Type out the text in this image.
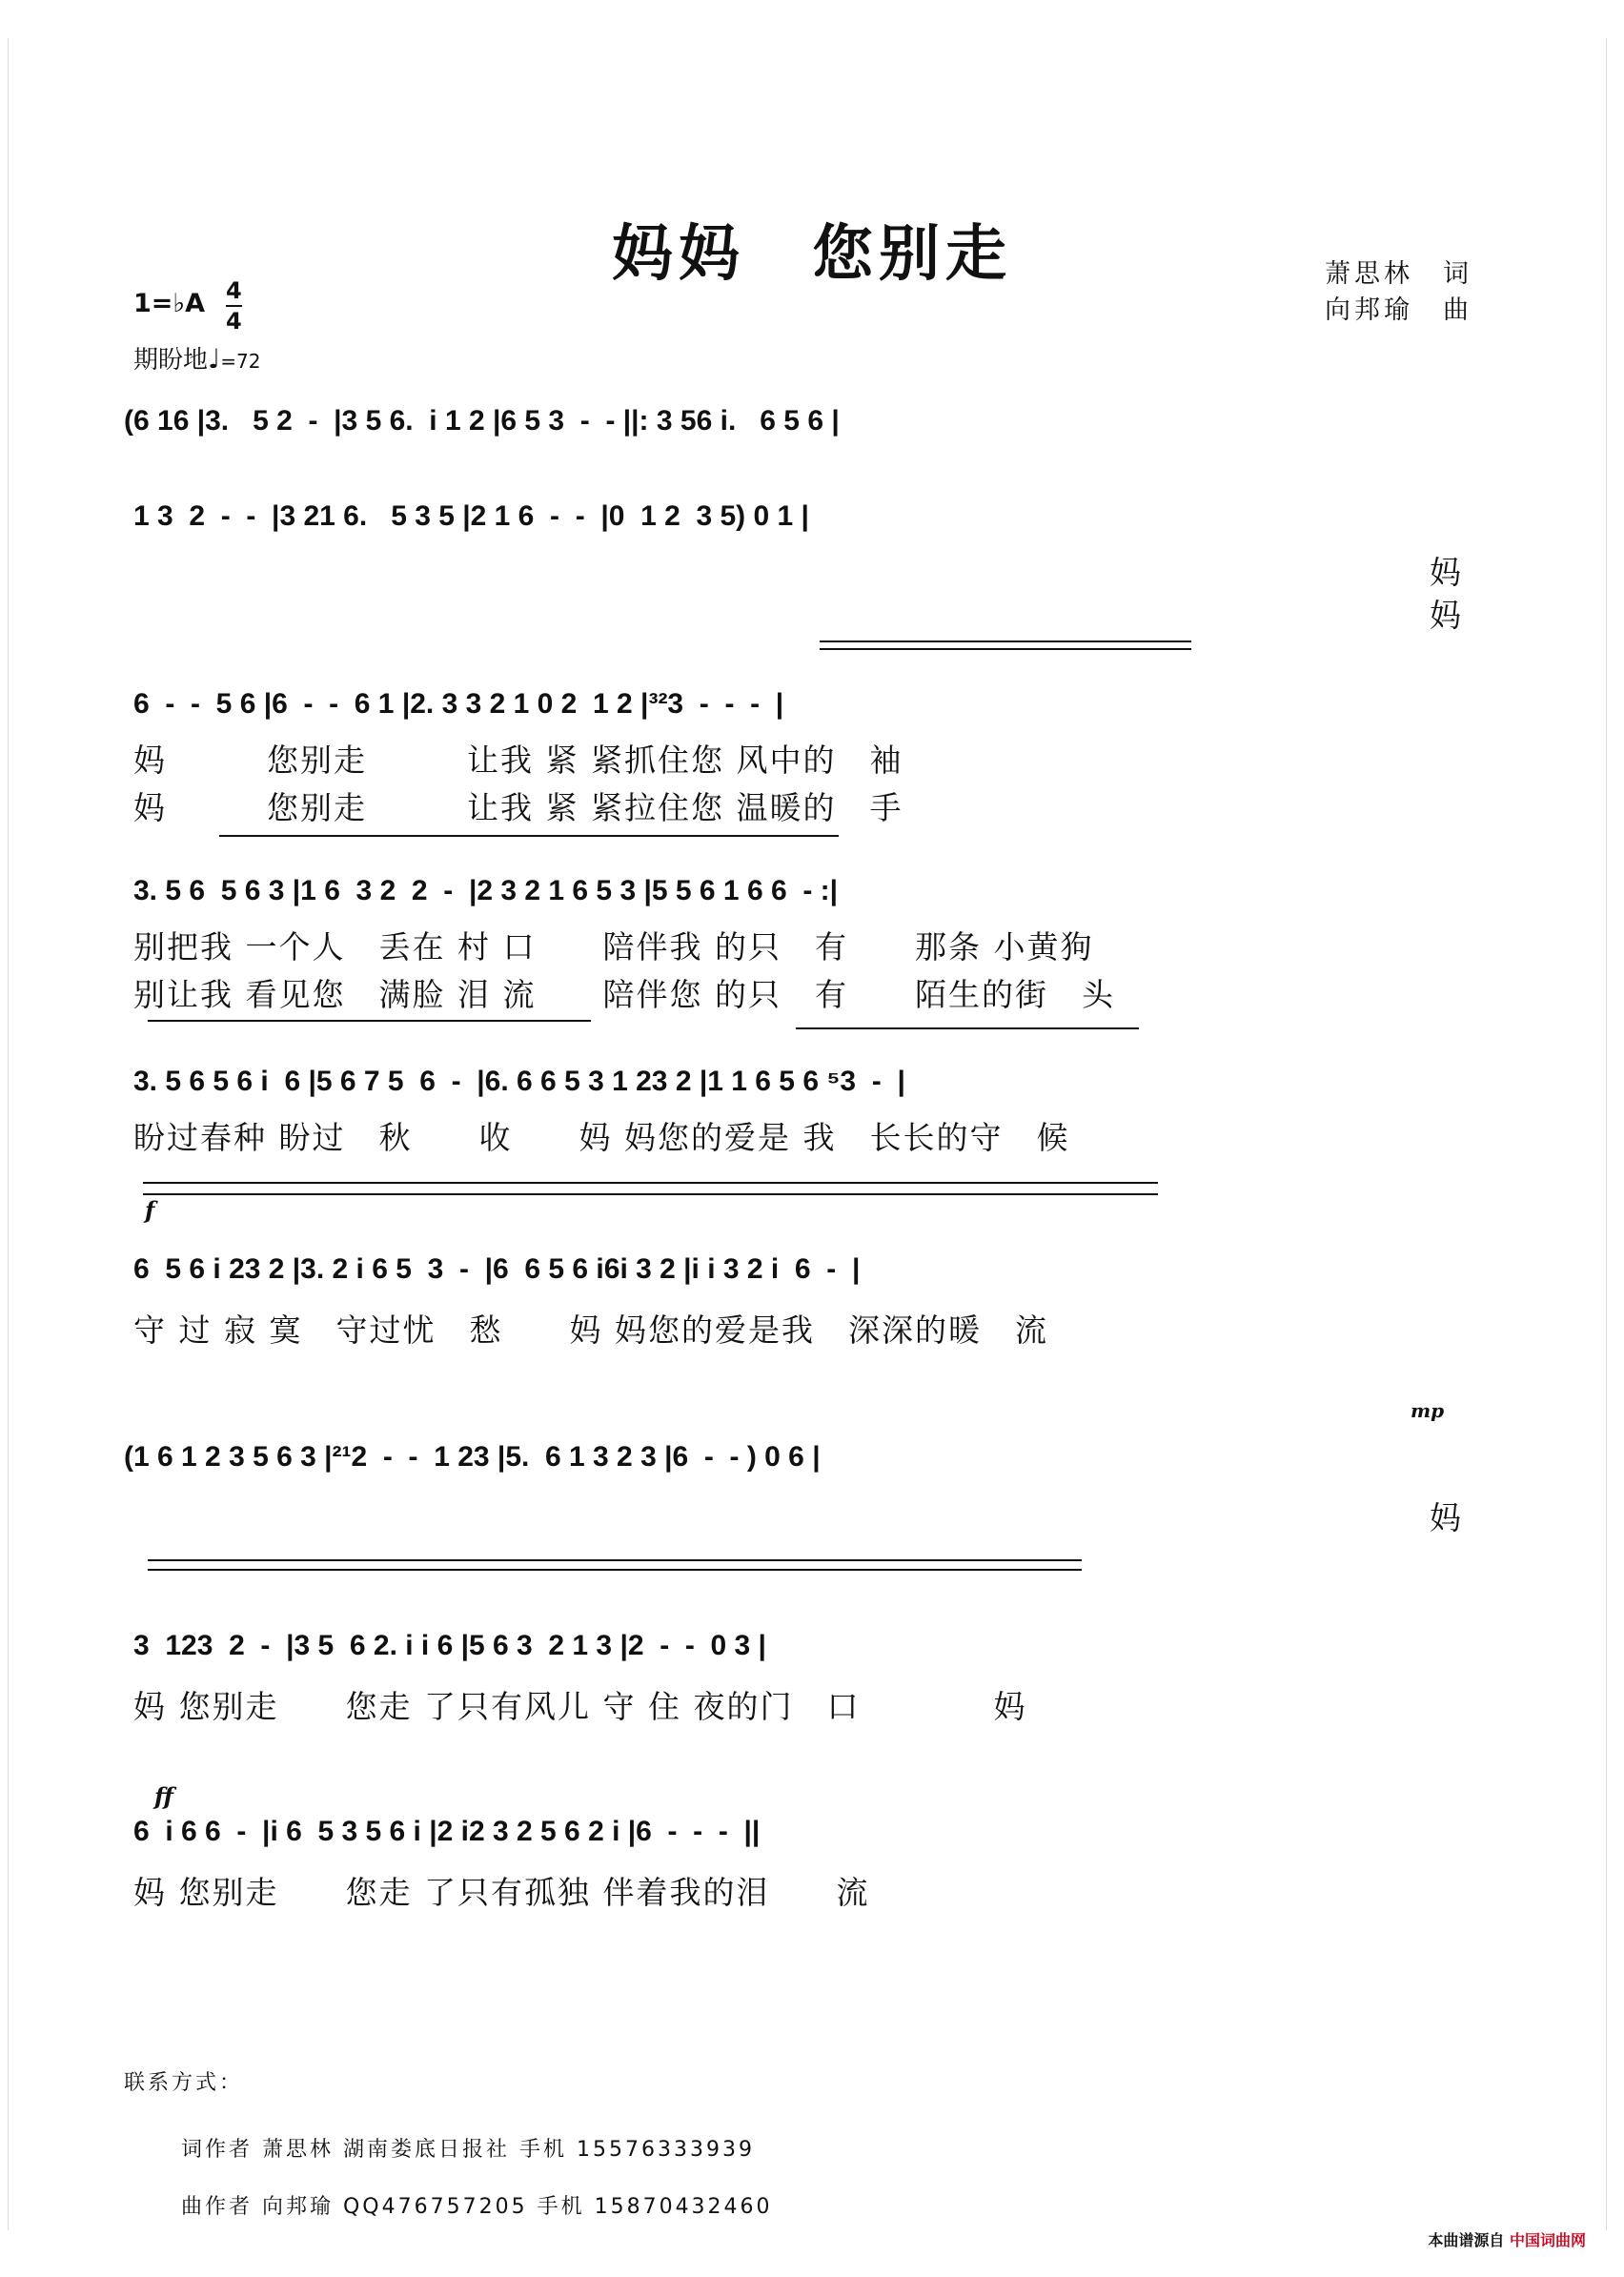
妈妈　您别走	萧思林　词
向邦瑜　曲
1=♭A 4
4
期盼地♩=72
(6 16 |3.   5 2  -  |3 5 6.  i 1 2 |6 5 3  -  - ||: 3 56 i.   6 5 6 |
1 3  2  -  -  |3 21 6.   5 3 5 |2 1 6  -  -  |0  1 2  3 5) 0 1 |
妈
妈
6  -  -  5 6 |6  -  -  6 1 |2. 3 3 2 1 0 2  1 2 |³²3  -  -  -  |
妈　　　您别走　　　让我 紧 紧抓住您 风中的　袖
妈　　　您别走　　　让我 紧 紧拉住您 温暖的　手
3. 5 6  5 6 3 |1 6  3 2  2  -  |2 3 2 1 6 5 3 |5 5 6 1 6 6  - :|
别把我 一个人　丢在 村 口　　陪伴我 的只　有　　那条 小黄狗
别让我 看见您　满脸 泪 流　　陪伴您 的只　有　　陌生的街　头
3. 5 6 5 6 i  6 |5 6 7 5  6  -  |6. 6 6 5 3 1 23 2 |1 1 6 5 6 ⁵3  -  |
盼过春种 盼过　秋　　收　　妈 妈您的爱是 我　长长的守　候
f
6  5 6 i 23 2 |3. 2 i 6 5  3  -  |6  6 5 6 i6i 3 2 |i i 3 2 i  6  -  |
守 过 寂 寞　守过忧　愁　　妈 妈您的爱是我　深深的暖　流
mp
(1 6 1 2 3 5 6 3 |²¹2  -  -  1 23 |5.  6 1 3 2 3 |6  -  - ) 0 6 |
妈
3  123  2  -  |3 5  6 2. i i 6 |5 6 3  2 1 3 |2  -  -  0 3 |
妈 您别走　　您走 了只有风儿 守 住 夜的门　口　　　　妈
ff
6  i 6 6  -  |i 6  5 3 5 6 i |2 i2 3 2 5 6 2 i |6  -  -  -  ||
妈 您别走　　您走 了只有孤独 伴着我的泪　　流
联系方式：
词作者 萧思林 湖南娄底日报社 手机 15576333939
曲作者 向邦瑜 QQ476757205 手机 15870432460
本曲谱源自 中国词曲网
